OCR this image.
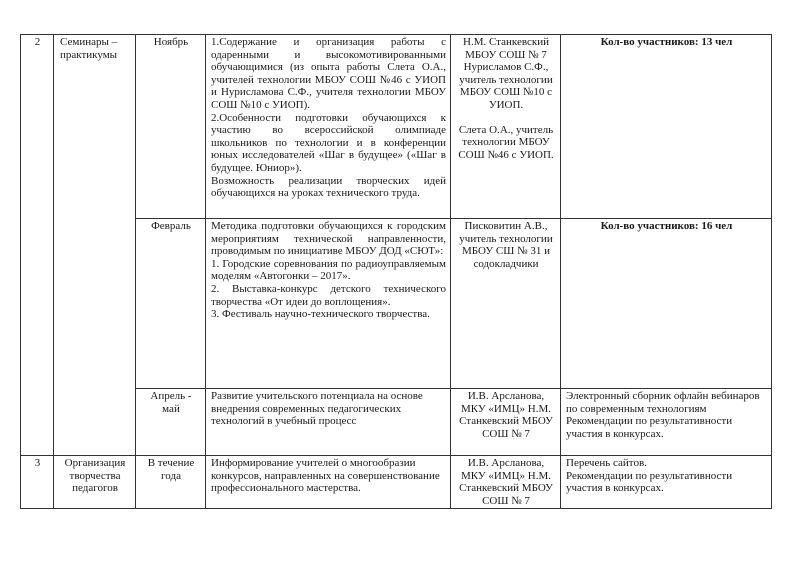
2	Семинары – практикумы	Ноябрь	1.Содержание и организация работы с одаренными и высокомотивированными обучающимися (из опыта работы Слета О.А., учителей технологии МБОУ СОШ №46 с УИОП и Нурисламова С.Ф., учителя технологии МБОУ СОШ №10 с УИОП).
2.Особенности подготовки обучающихся к участию во всероссийской олимпиаде школьников по технологии и в конференции юных исследователей «Шаг в будущее» («Шаг в будущее. Юниор»).
Возможность реализации творческих идей обучающихся на уроках технического труда.	Н.М. Станкевский МБОУ СОШ № 7 Нурисламов С.Ф., учитель технологии МБОУ СОШ №10 с УИОП.
Слета О.А., учитель технологии МБОУ СОШ №46 с УИОП.	Кол-во участников: 13 чел
		Февраль	Методика подготовки обучающихся к городским мероприятиям технической направленности, проводимым по инициативе МБОУ ДОД «СЮТ»:
1. Городские соревнования по радиоуправляемым моделям «Автогонки – 2017».
2. Выставка-конкурс детского технического творчества «От идеи до воплощения».
3. Фестиваль научно-технического творчества.	Писковитин А.В., учитель технологии МБОУ СШ № 31 и содокладчики	Кол-во участников: 16 чел
		Апрель - май	Развитие учительского потенциала на основе внедрения современных педагогических технологий в учебный процесс	И.В. Арсланова, МКУ «ИМЦ» Н.М. Станкевский МБОУ СОШ № 7	Электронный сборник офлайн вебинаров по современным технологиям
Рекомендации по результативности участия в конкурсах.

3	Организация творчества педагогов	В течение года	Информирование учителей о многообразии конкурсов, направленных на совершенствование профессионального мастерства.	И.В. Арсланова, МКУ «ИМЦ» Н.М. Станкевский МБОУ СОШ № 7	Перечень сайтов.
Рекомендации по результативности участия в конкурсах.
